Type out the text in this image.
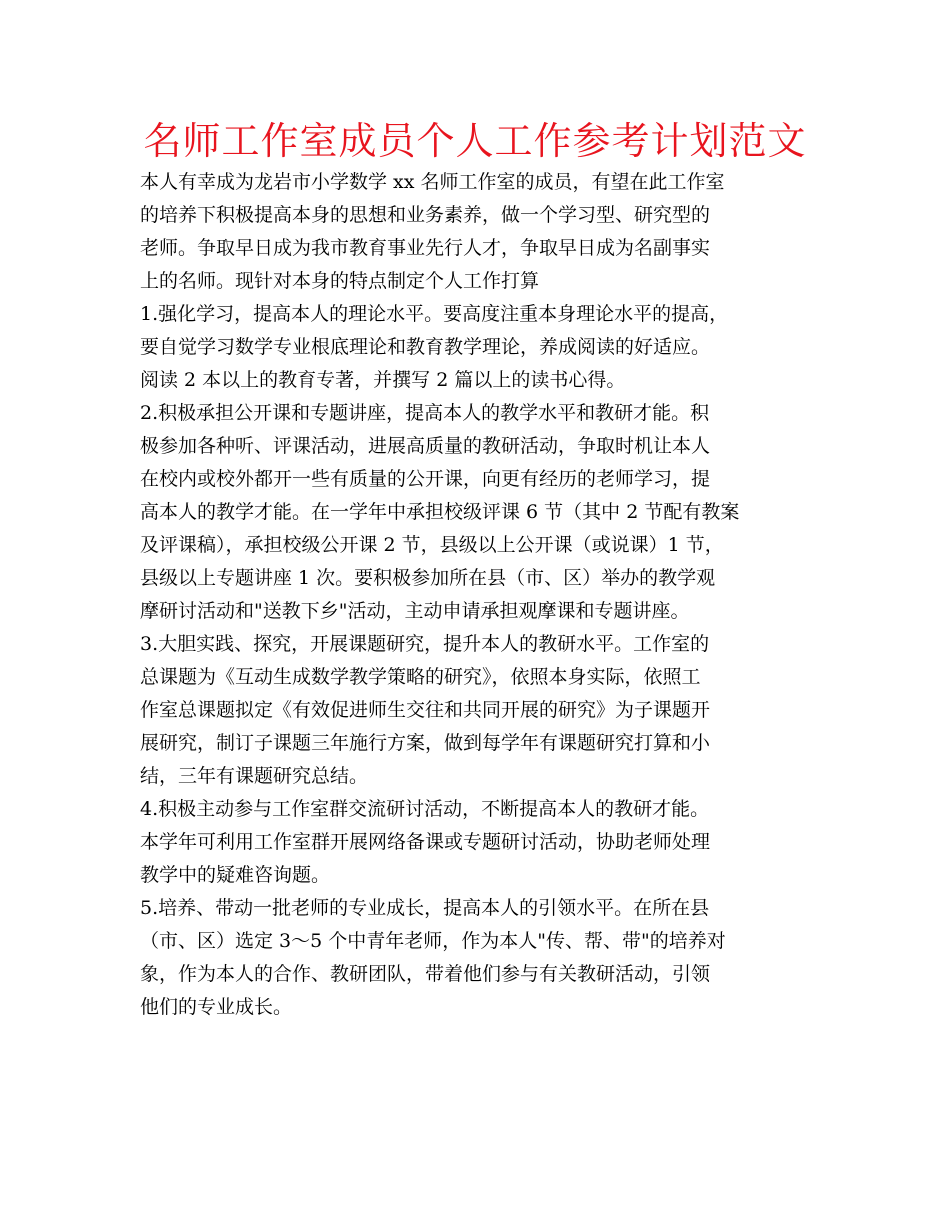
名师工作室成员个人工作参考计划范文
本人有幸成为龙岩市小学数学 xx 名师工作室的成员，有望在此工作室
的培养下积极提高本身的思想和业务素养，做一个学习型、研究型的
老师。争取早日成为我市教育事业先行人才，争取早日成为名副事实
上的名师。现针对本身的特点制定个人工作打算
1.强化学习，提高本人的理论水平。要高度注重本身理论水平的提高，
要自觉学习数学专业根底理论和教育教学理论，养成阅读的好适应。
阅读 2 本以上的教育专著，并撰写 2 篇以上的读书心得。
2.积极承担公开课和专题讲座，提高本人的教学水平和教研才能。积
极参加各种听、评课活动，进展高质量的教研活动，争取时机让本人
在校内或校外都开一些有质量的公开课，向更有经历的老师学习，提
高本人的教学才能。在一学年中承担校级评课 6 节（其中 2 节配有教案
及评课稿），承担校级公开课 2 节，县级以上公开课（或说课）1 节，
县级以上专题讲座 1 次。要积极参加所在县（市、区）举办的教学观
摩研讨活动和"送教下乡"活动，主动申请承担观摩课和专题讲座。
3.大胆实践、探究，开展课题研究，提升本人的教研水平。工作室的
总课题为《互动生成数学教学策略的研究》，依照本身实际，依照工
作室总课题拟定《有效促进师生交往和共同开展的研究》为子课题开
展研究，制订子课题三年施行方案，做到每学年有课题研究打算和小
结，三年有课题研究总结。
4.积极主动参与工作室群交流研讨活动，不断提高本人的教研才能。
本学年可利用工作室群开展网络备课或专题研讨活动，协助老师处理
教学中的疑难咨询题。
5.培养、带动一批老师的专业成长，提高本人的引领水平。在所在县
（市、区）选定 3～5 个中青年老师，作为本人"传、帮、带"的培养对
象，作为本人的合作、教研团队，带着他们参与有关教研活动，引领
他们的专业成长。
